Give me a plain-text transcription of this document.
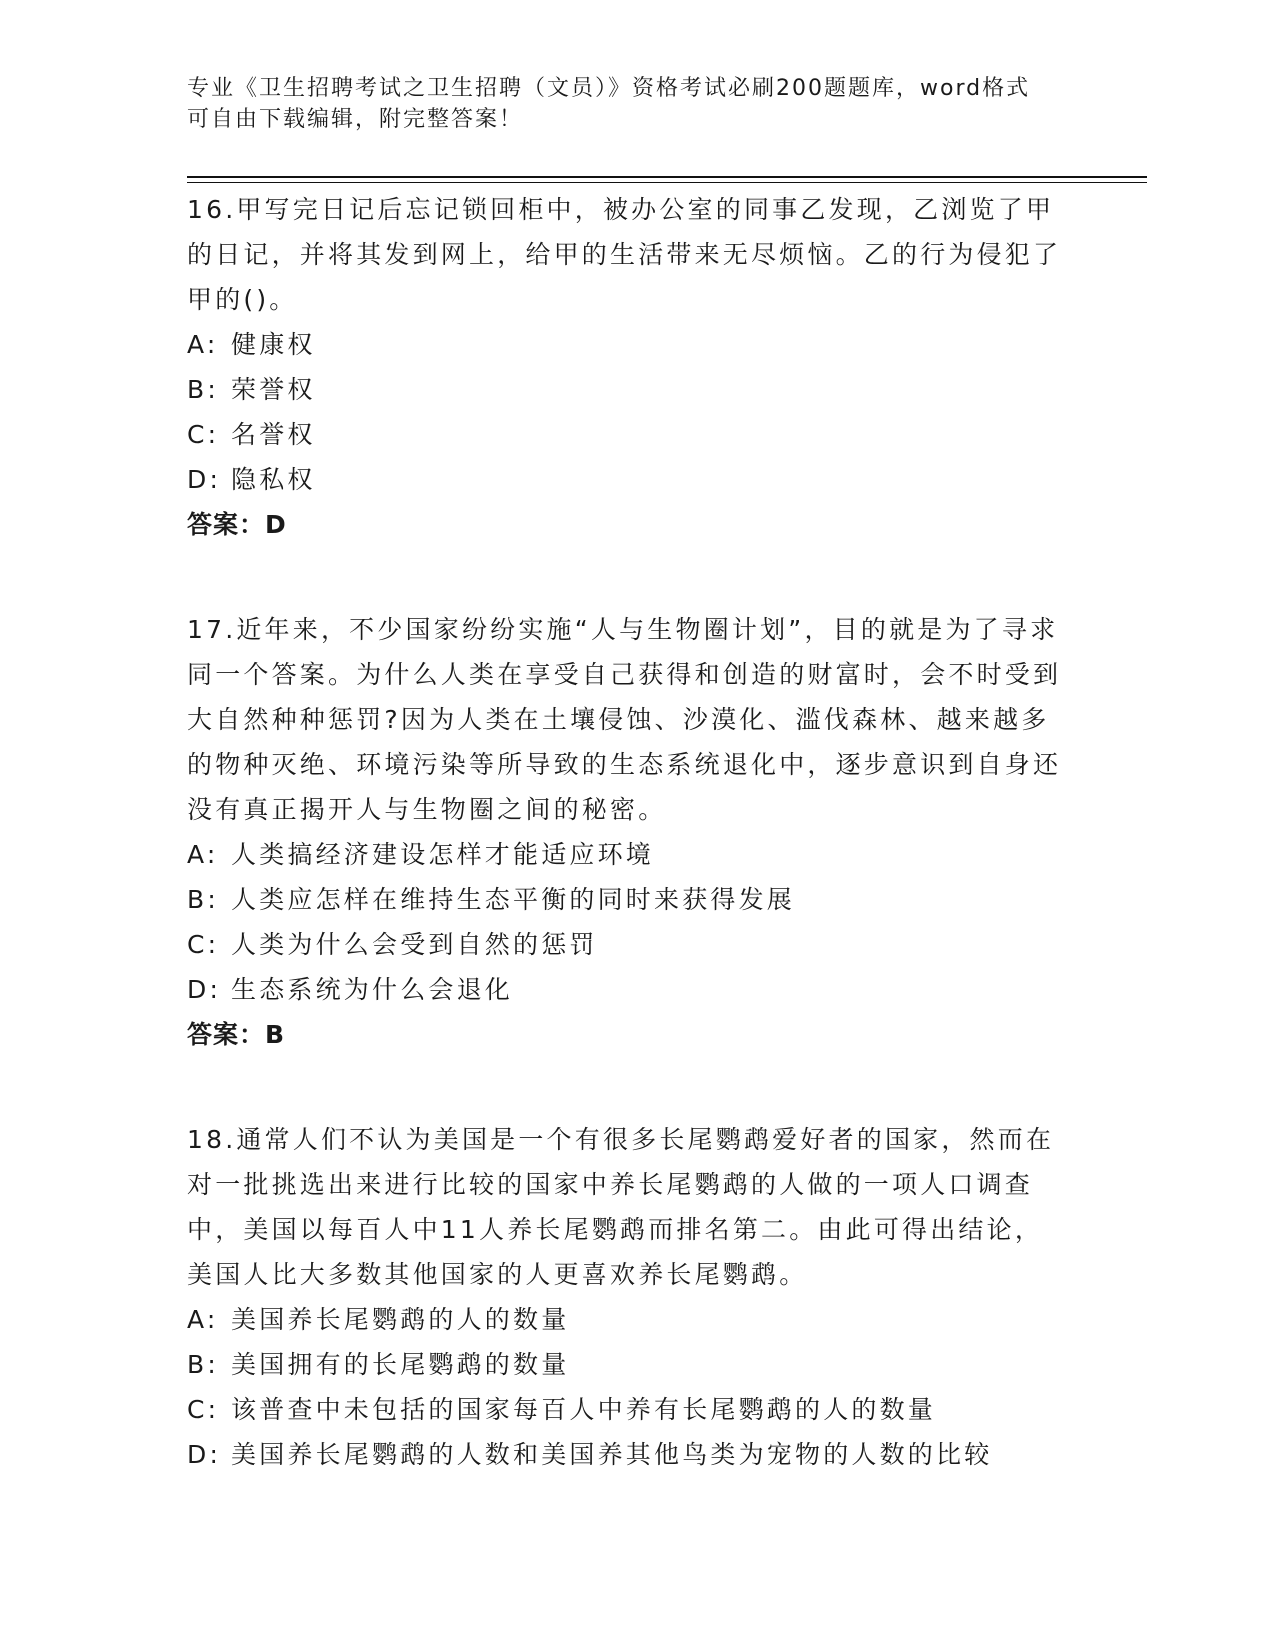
专业《卫生招聘考试之卫生招聘（文员）》资格考试必刷200题题库，word格式
可自由下载编辑，附完整答案！

16.甲写完日记后忘记锁回柜中，被办公室的同事乙发现，乙浏览了甲的日记，并将其发到网上，给甲的生活带来无尽烦恼。乙的行为侵犯了甲的()。

A: 健康权
B: 荣誉权
C: 名誉权
D: 隐私权
答案：D

17.近年来，不少国家纷纷实施“人与生物圈计划”，目的就是为了寻求同一个答案。为什么人类在享受自己获得和创造的财富时，会不时受到大自然种种惩罚?因为人类在土壤侵蚀、沙漠化、滥伐森林、越来越多的物种灭绝、环境污染等所导致的生态系统退化中，逐步意识到自身还没有真正揭开人与生物圈之间的秘密。

A: 人类搞经济建设怎样才能适应环境
B: 人类应怎样在维持生态平衡的同时来获得发展
C: 人类为什么会受到自然的惩罚
D: 生态系统为什么会退化
答案：B

18.通常人们不认为美国是一个有很多长尾鹦鹉爱好者的国家，然而在对一批挑选出来进行比较的国家中养长尾鹦鹉的人做的一项人口调查中，美国以每百人中11人养长尾鹦鹉而排名第二。由此可得出结论，美国人比大多数其他国家的人更喜欢养长尾鹦鹉。

A: 美国养长尾鹦鹉的人的数量
B: 美国拥有的长尾鹦鹉的数量
C: 该普查中未包括的国家每百人中养有长尾鹦鹉的人的数量
D: 美国养长尾鹦鹉的人数和美国养其他鸟类为宠物的人数的比较
